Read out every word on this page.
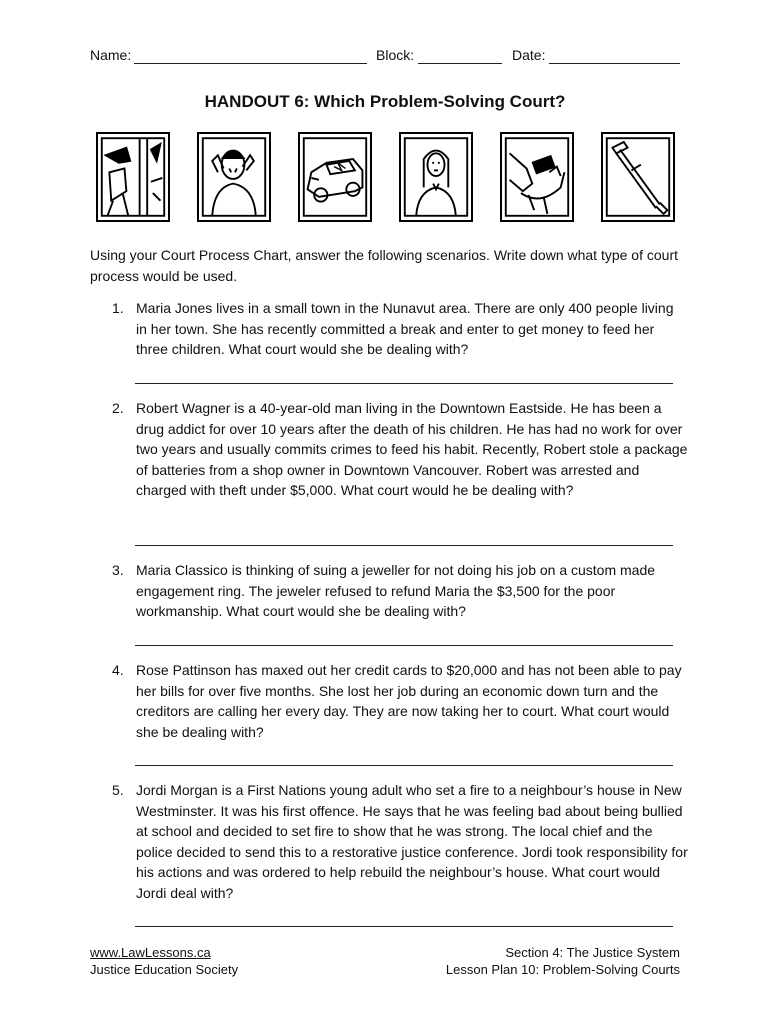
Name:	Block:	Date:
HANDOUT 6: Which Problem-Solving Court?
Using your Court Process Chart, answer the following scenarios. Write down what type of court process would be used.
1. Maria Jones lives in a small town in the Nunavut area. There are only 400 people living in her town. She has recently committed a break and enter to get money to feed her three children. What court would she be dealing with?
2. Robert Wagner is a 40-year-old man living in the Downtown Eastside. He has been a drug addict for over 10 years after the death of his children. He has had no work for over two years and usually commits crimes to feed his habit. Recently, Robert stole a package of batteries from a shop owner in Downtown Vancouver. Robert was arrested and charged with theft under $5,000. What court would he be dealing with?
3. Maria Classico is thinking of suing a jeweller for not doing his job on a custom made engagement ring. The jeweler refused to refund Maria the $3,500 for the poor workmanship. What court would she be dealing with?
4. Rose Pattinson has maxed out her credit cards to $20,000 and has not been able to pay her bills for over five months. She lost her job during an economic down turn and the creditors are calling her every day. They are now taking her to court. What court would she be dealing with?
5. Jordi Morgan is a First Nations young adult who set a fire to a neighbour’s house in New Westminster. It was his first offence. He says that he was feeling bad about being bullied at school and decided to set fire to show that he was strong. The local chief and the police decided to send this to a restorative justice conference. Jordi took responsibility for his actions and was ordered to help rebuild the neighbour’s house. What court would Jordi deal with?
www.LawLessons.ca
Justice Education Society
Section 4: The Justice System
Lesson Plan 10: Problem-Solving Courts
